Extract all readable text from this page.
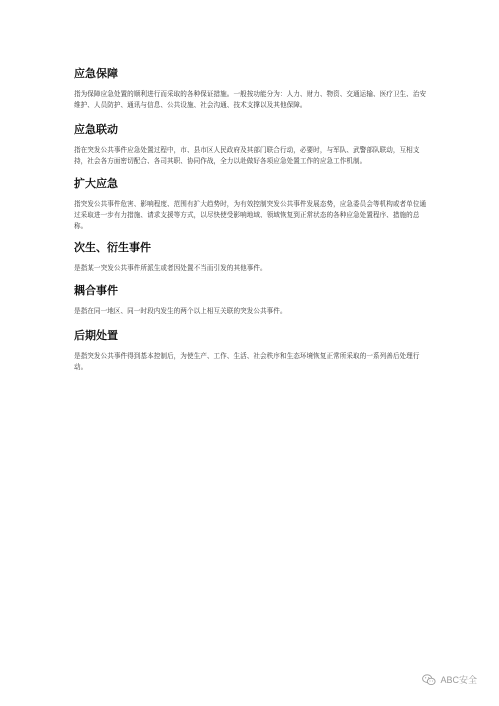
应急保障

指为保障应急处置的顺利进行而采取的各种保证措施。一般按功能分为：人力、财力、物资、交通运输、医疗卫生、治安维护、人员防护、通讯与信息、公共设施、社会沟通、技术支撑以及其他保障。

应急联动

指在突发公共事件应急处置过程中，市、县市区人民政府及其部门联合行动，必要时，与军队、武警部队联动，互相支持，社会各方面密切配合、各司其职、协同作战，全力以赴做好各项应急处置工作的应急工作机制。

扩大应急

指突发公共事件危害、影响程度、范围有扩大趋势时，为有效控制突发公共事件发展态势，应急委员会等机构或者单位通过采取进一步有力措施、请求支援等方式，以尽快使受影响地域、领域恢复到正常状态的各种应急处置程序、措施的总称。

次生、衍生事件

是指某一突发公共事件所派生或者因处置不当而引发的其他事件。

耦合事件

是指在同一地区、同一时段内发生的两个以上相互关联的突发公共事件。

后期处置

是指突发公共事件得到基本控制后，为使生产、工作、生活、社会秩序和生态环境恢复正常所采取的一系列善后处理行动。

ABC安全
